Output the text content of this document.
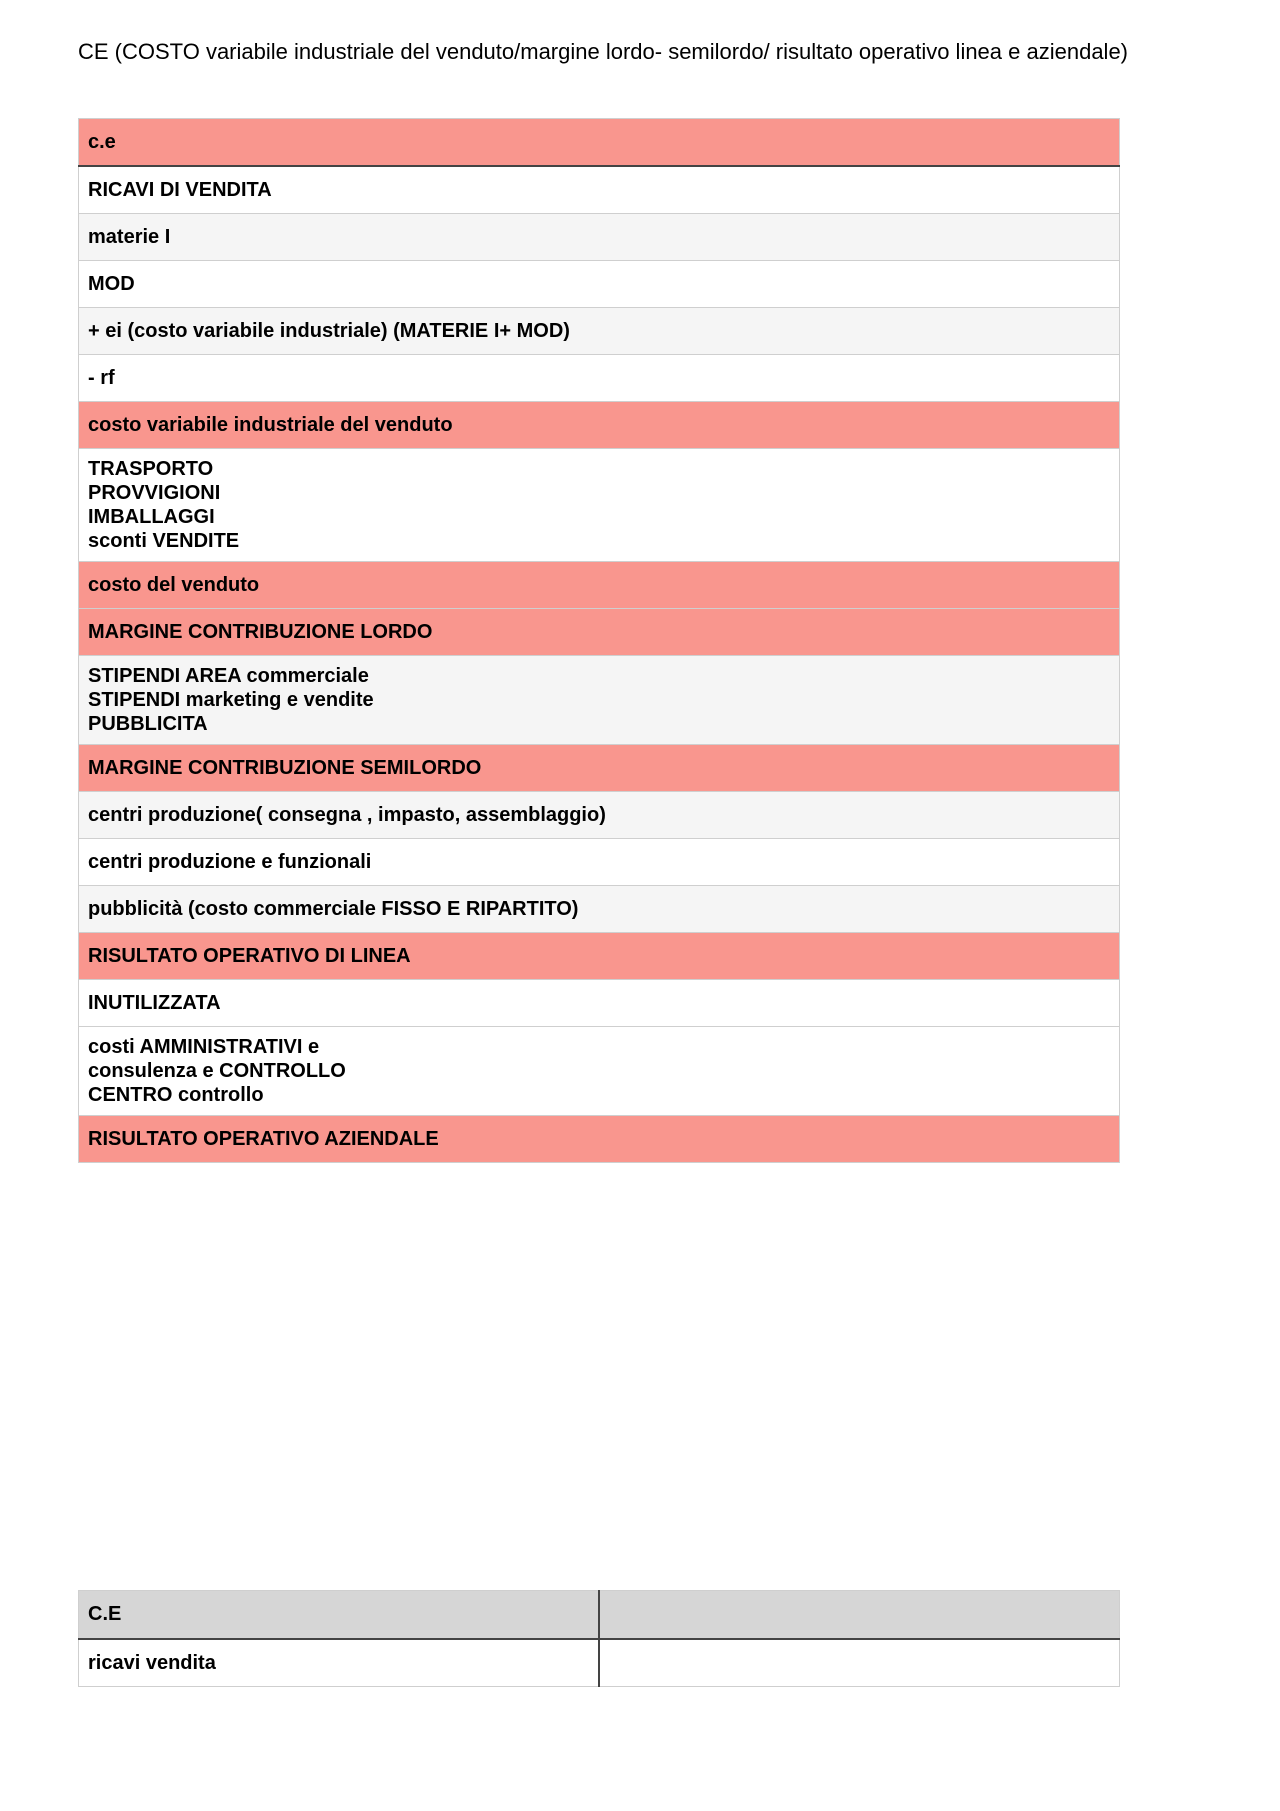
CE (COSTO variabile industriale del venduto/margine lordo- semilordo/ risultato operativo linea e aziendale)
c.e
RICAVI DI VENDITA
materie I
MOD
+ ei (costo variabile industriale) (MATERIE I+ MOD)
- rf
costo variabile industriale del venduto
TRASPORTO
PROVVIGIONI
IMBALLAGGI
sconti VENDITE
costo del venduto
MARGINE CONTRIBUZIONE LORDO
STIPENDI AREA commerciale
STIPENDI marketing e vendite
PUBBLICITA
MARGINE CONTRIBUZIONE SEMILORDO
centri produzione( consegna , impasto, assemblaggio)
centri produzione e funzionali
pubblicità (costo commerciale FISSO E RIPARTITO)
RISULTATO OPERATIVO DI LINEA
INUTILIZZATA
costi AMMINISTRATIVI e
consulenza e CONTROLLO
CENTRO controllo
RISULTATO OPERATIVO AZIENDALE
C.E	
ricavi vendita	
